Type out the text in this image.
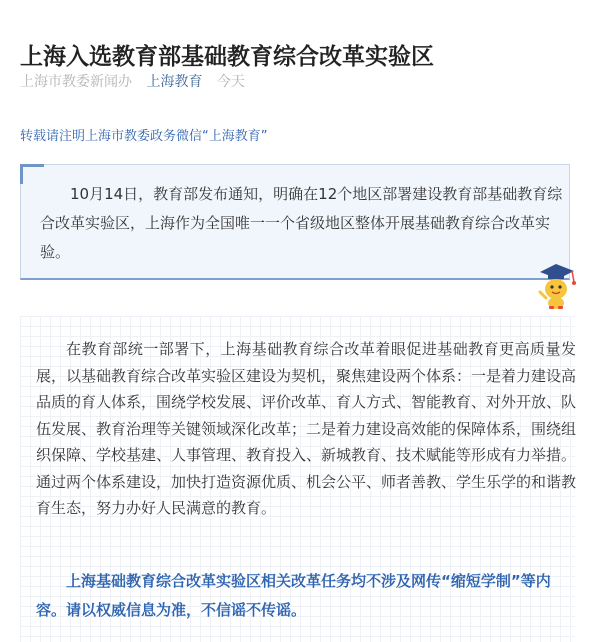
上海入选教育部基础教育综合改革实验区
上海市教委新闻办 上海教育 今天
转载请注明上海市教委政务微信“上海教育”
10月14日，教育部发布通知，明确在12个地区部署建设教育部基础教育综合改革实验区，上海作为全国唯一一个省级地区整体开展基础教育综合改革实验。

在教育部统一部署下，上海基础教育综合改革着眼促进基础教育更高质量发展，以基础教育综合改革实验区建设为契机，聚焦建设两个体系：一是着力建设高品质的育人体系，围绕学校发展、评价改革、育人方式、智能教育、对外开放、队伍发展、教育治理等关键领域深化改革；二是着力建设高效能的保障体系，围绕组织保障、学校基建、人事管理、教育投入、新城教育、技术赋能等形成有力举措。通过两个体系建设，加快打造资源优质、机会公平、师者善教、学生乐学的和谐教育生态，努力办好人民满意的教育。

上海基础教育综合改革实验区相关改革任务均不涉及网传“缩短学制”等内容。请以权威信息为准，不信谣不传谣。
